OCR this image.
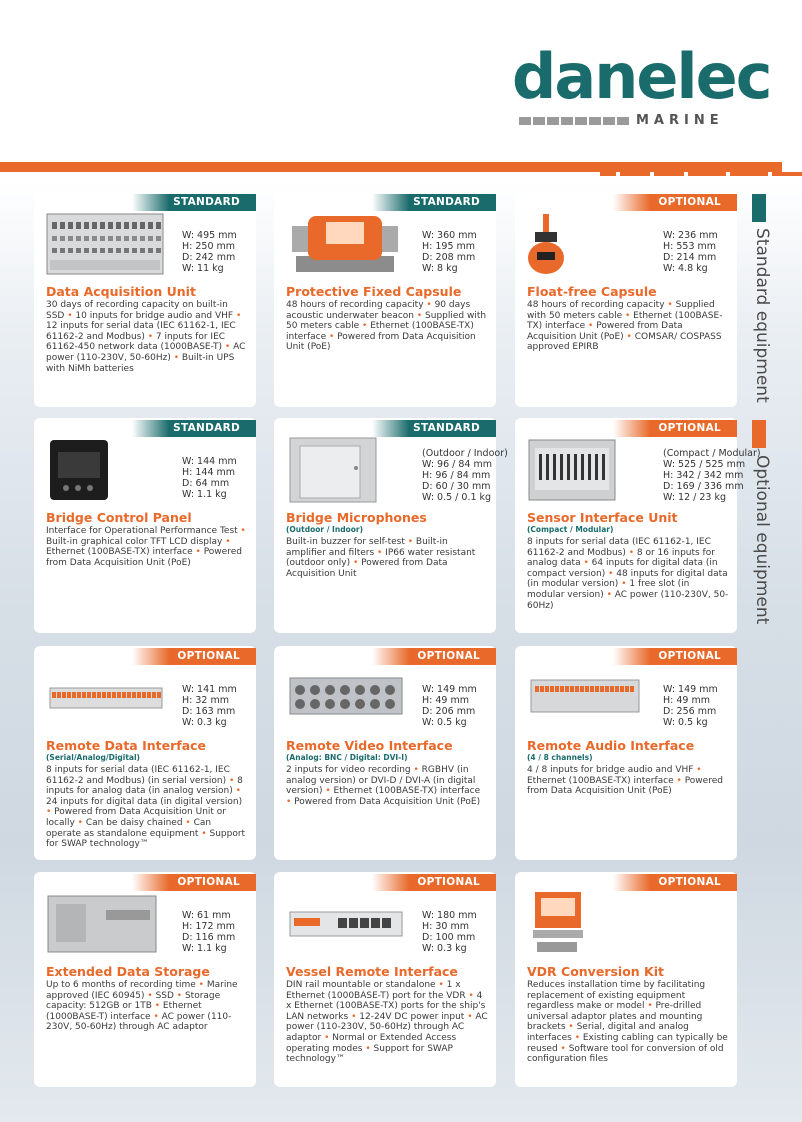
danelec
MARINE
Standard equipment
Optional equipment
STANDARD
W: 495 mm
H: 250 mm
D: 242 mm
W: 11 kg
Data Acquisition Unit
30 days of recording capacity on built-in SSD • 10 inputs for bridge audio and VHF • 12 inputs for serial data (IEC 61162-1, IEC 61162-2 and Modbus) • 7 inputs for IEC 61162-450 network data (1000BASE-T) • AC power (110-230V, 50-60Hz) • Built-in UPS with NiMh batteries
STANDARD
W: 360 mm
H: 195 mm
D: 208 mm
W: 8 kg
Protective Fixed Capsule
48 hours of recording capacity • 90 days acoustic underwater beacon • Supplied with 50 meters cable • Ethernet (100BASE-TX) interface • Powered from Data Acquisition Unit (PoE)
OPTIONAL
W: 236 mm
H: 553 mm
D: 214 mm
W: 4.8 kg
Float-free Capsule
48 hours of recording capacity • Supplied with 50 meters cable • Ethernet (100BASE-TX) interface • Powered from Data Acquisition Unit (PoE) • COMSAR/ COSPASS approved EPIRB
STANDARD
W: 144 mm
H: 144 mm
D: 64 mm
W: 1.1 kg
Bridge Control Panel
Interface for Operational Performance Test • Built-in graphical color TFT LCD display • Ethernet (100BASE-TX) interface • Powered from Data Acquisition Unit (PoE)
STANDARD
(Outdoor / Indoor)
W: 96 / 84 mm
H: 96 / 84 mm
D: 60 / 30 mm
W: 0.5 / 0.1 kg
Bridge Microphones
(Outdoor / Indoor)
Built-in buzzer for self-test • Built-in amplifier and filters • IP66 water resistant (outdoor only) • Powered from Data Acquisition Unit
OPTIONAL
(Compact / Modular)
W: 525 / 525 mm
H: 342 / 342 mm
D: 169 / 336 mm
W: 12 / 23 kg
Sensor Interface Unit
(Compact / Modular)
8 inputs for serial data (IEC 61162-1, IEC 61162-2 and Modbus) • 8 or 16 inputs for analog data • 64 inputs for digital data (in compact version) • 48 inputs for digital data (in modular version) • 1 free slot (in modular version) • AC power (110-230V, 50-60Hz)
OPTIONAL
W: 141 mm
H: 32 mm
D: 163 mm
W: 0.3 kg
Remote Data Interface
(Serial/Analog/Digital)
8 inputs for serial data (IEC 61162-1, IEC 61162-2 and Modbus) (in serial version) • 8 inputs for analog data (in analog version) • 24 inputs for digital data (in digital version) • Powered from Data Acquisition Unit or locally • Can be daisy chained • Can operate as standalone equipment • Support for SWAP technology™
OPTIONAL
W: 149 mm
H: 49 mm
D: 206 mm
W: 0.5 kg
Remote Video Interface
(Analog: BNC / Digital: DVI-I)
2 inputs for video recording • RGBHV (in analog version) or DVI-D / DVI-A (in digital version) • Ethernet (100BASE-TX) interface • Powered from Data Acquisition Unit (PoE)
OPTIONAL
W: 149 mm
H: 49 mm
D: 256 mm
W: 0.5 kg
Remote Audio Interface
(4 / 8 channels)
4 / 8 inputs for bridge audio and VHF • Ethernet (100BASE-TX) interface • Powered from Data Acquisition Unit (PoE)
OPTIONAL
W: 61 mm
H: 172 mm
D: 116 mm
W: 1.1 kg
Extended Data Storage
Up to 6 months of recording time • Marine approved (IEC 60945) • SSD • Storage capacity: 512GB or 1TB • Ethernet (1000BASE-T) interface • AC power (110-230V, 50-60Hz) through AC adaptor
OPTIONAL
W: 180 mm
H: 30 mm
D: 100 mm
W: 0.3 kg
Vessel Remote Interface
DIN rail mountable or standalone • 1 x Ethernet (1000BASE-T) port for the VDR • 4 x Ethernet (100BASE-TX) ports for the ship's LAN networks • 12-24V DC power input • AC power (110-230V, 50-60Hz) through AC adaptor • Normal or Extended Access operating modes • Support for SWAP technology™
OPTIONAL
VDR Conversion Kit
Reduces installation time by facilitating replacement of existing equipment regardless make or model • Pre-drilled universal adaptor plates and mounting brackets • Serial, digital and analog interfaces • Existing cabling can typically be reused • Software tool for conversion of old configuration files
